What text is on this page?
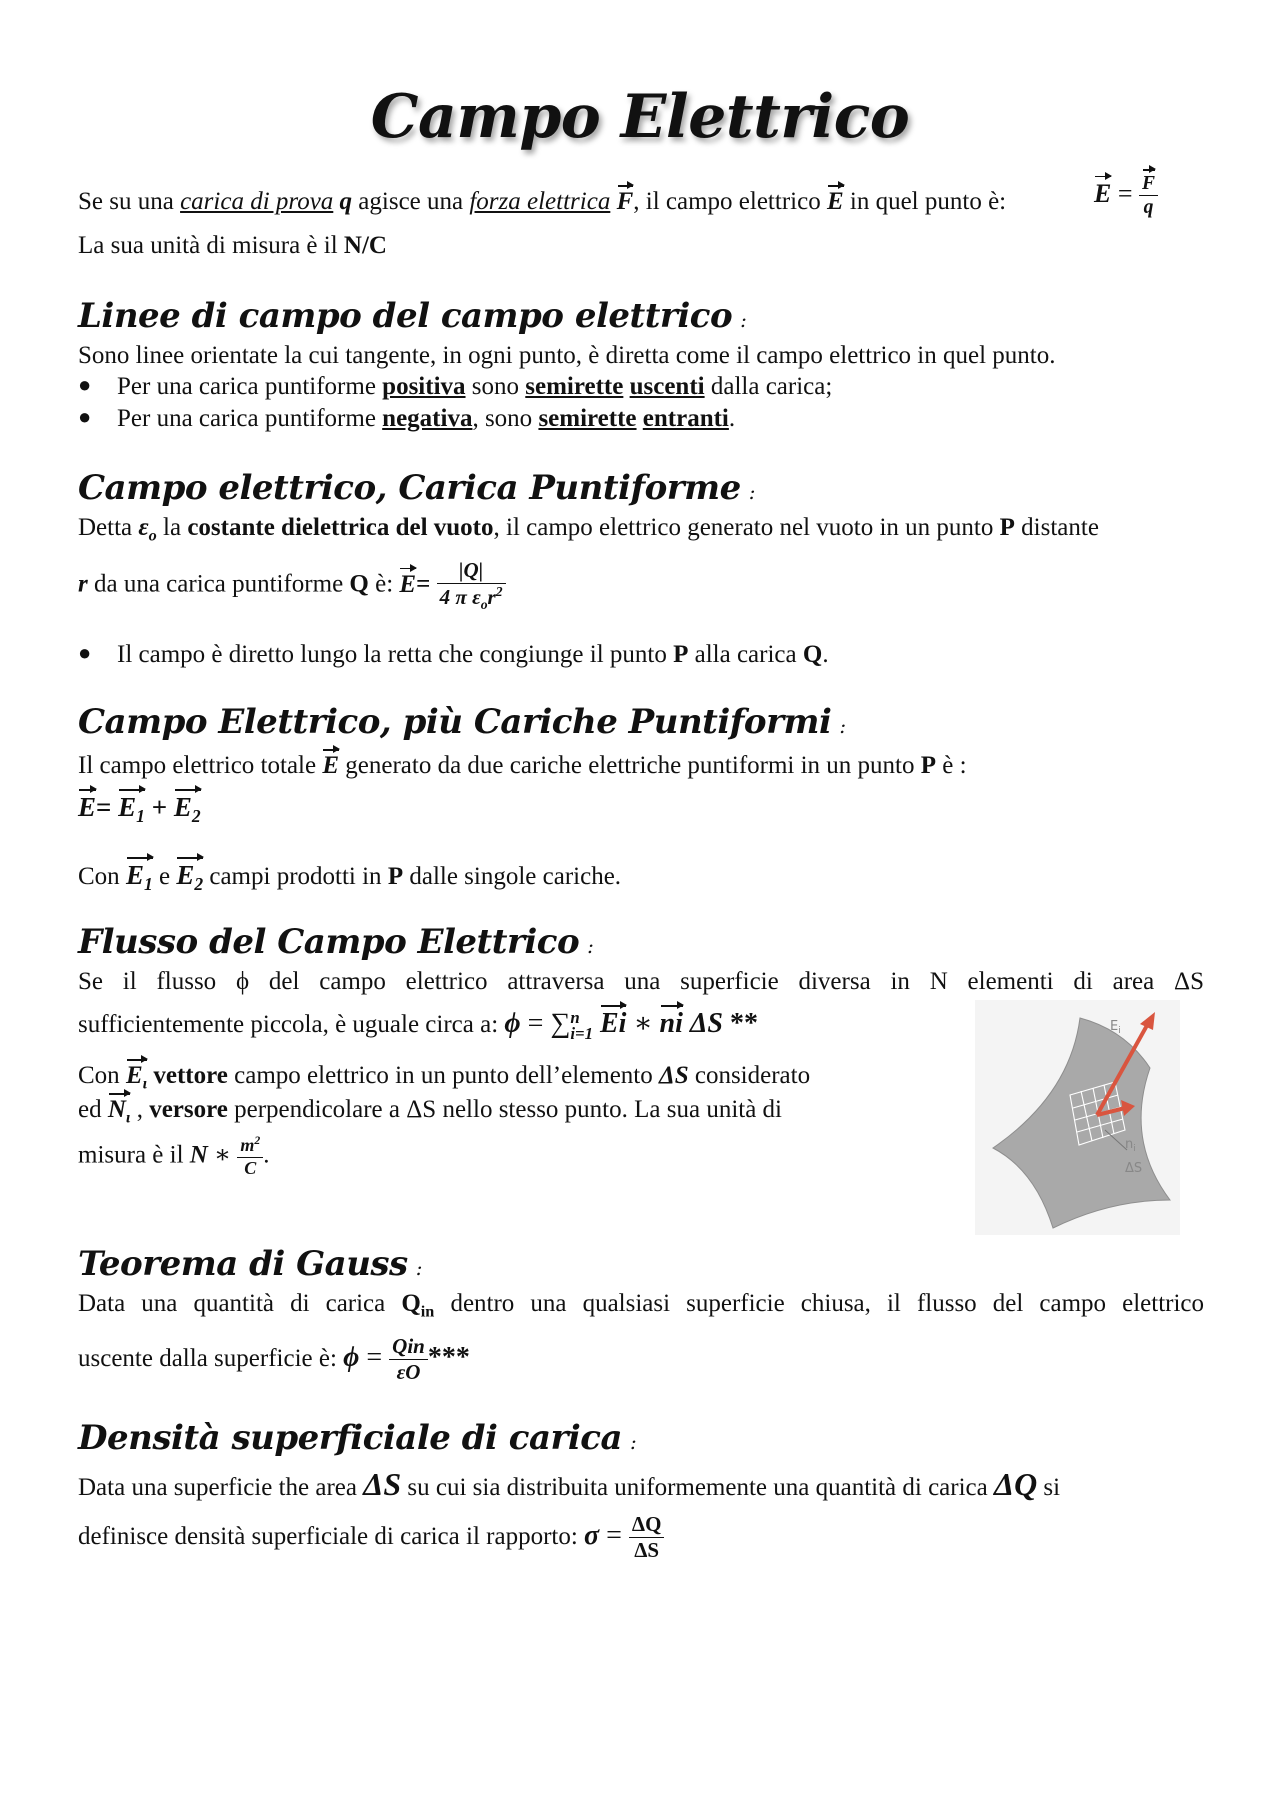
Campo Elettrico
Se su una carica di prova q agisce una forza elettrica F, il campo elettrico E in quel punto è:	$E = \frac{F}{q}$
La sua unità di misura è il N/C
Linee di campo del campo elettrico :
Sono linee orientate la cui tangente, in ogni punto, è diretta come il campo elettrico in quel punto.
● Per una carica puntiforme positiva sono semirette uscenti dalla carica;
● Per una carica puntiforme negativa, sono semirette entranti.
Campo elettrico, Carica Puntiforme :
Detta $\varepsilon_o$ la costante dielettrica del vuoto, il campo elettrico generato nel vuoto in un punto P distante
r da una carica puntiforme Q è: $E= \frac{|Q|}{4 \pi \varepsilon_or^2}$
● Il campo è diretto lungo la retta che congiunge il punto P alla carica Q.
Campo Elettrico, più Cariche Puntiformi :
Il campo elettrico totale E generato da due cariche elettriche puntiformi in un punto P è :
$E= E_1 + E_2$
Con $E_1$ e $E_2$ campi prodotti in P dalle singole cariche.
Flusso del Campo Elettrico :
Se il flusso ϕ del campo elettrico attraversa una superficie diversa in N elementi di area ΔS
sufficientemente piccola, è uguale circa a: ϕ = ∑ n
i=1 Ei ∗ ni ΔS **
Con $E_\iota$ vettore campo elettrico in un punto dell’elemento ΔS considerato
ed $N_\iota$ , versore perpendicolare a ΔS nello stesso punto. La sua unità di
misura è il N ∗ $\frac{m^2}{C}$ .
$E_i$
$n_i$
ΔS
Teorema di Gauss :
Data una quantità di carica $Q_{in}$ dentro una qualsiasi superficie chiusa, il flusso del campo elettrico
uscente dalla superficie è: $\phi = \frac{\text{Qin}}{\varepsilon O}$ ***
Densità superficiale di carica :
Data una superficie the area ΔS su cui sia distribuita uniformemente una quantità di carica ΔQ si
definisce densità superficiale di carica il rapporto: $\sigma = \frac{\Delta Q}{\Delta S}$
